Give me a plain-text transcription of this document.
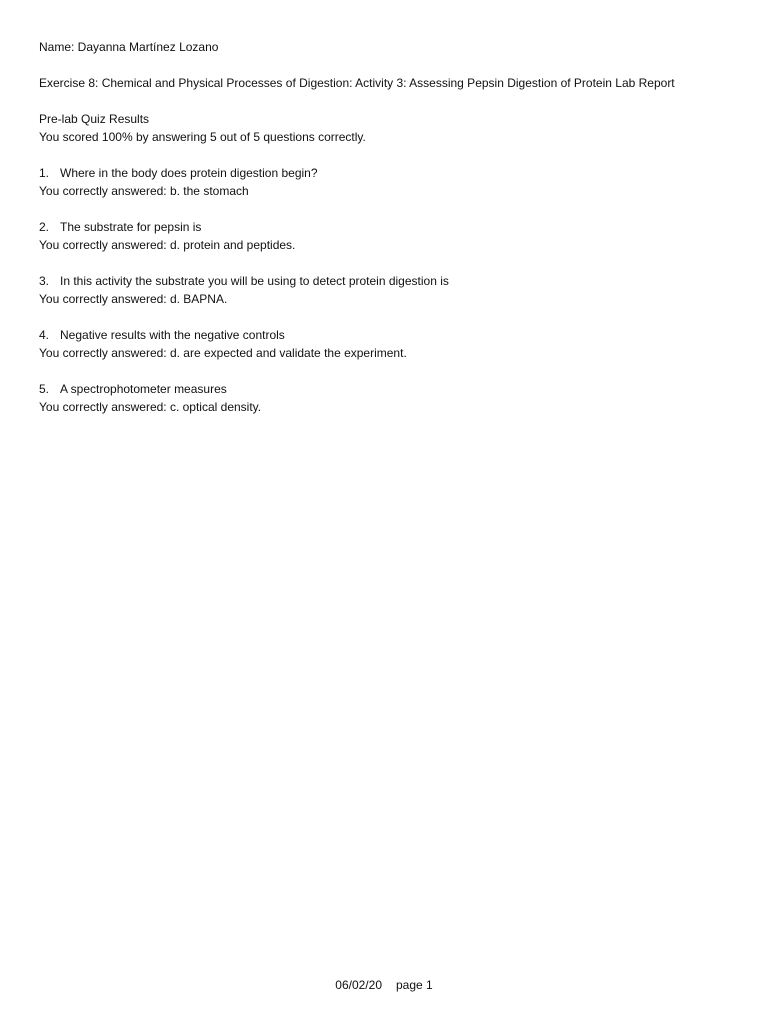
Name: Dayanna Martínez Lozano
Exercise 8: Chemical and Physical Processes of Digestion: Activity 3: Assessing Pepsin Digestion of Protein Lab Report
Pre-lab Quiz Results
You scored 100% by answering 5 out of 5 questions correctly.
1. Where in the body does protein digestion begin?
You correctly answered: b. the stomach
2. The substrate for pepsin is
You correctly answered: d. protein and peptides.
3. In this activity the substrate you will be using to detect protein digestion is
You correctly answered: d. BAPNA.
4. Negative results with the negative controls
You correctly answered: d. are expected and validate the experiment.
5. A spectrophotometer measures
You correctly answered: c. optical density.
06/02/20 page 1
